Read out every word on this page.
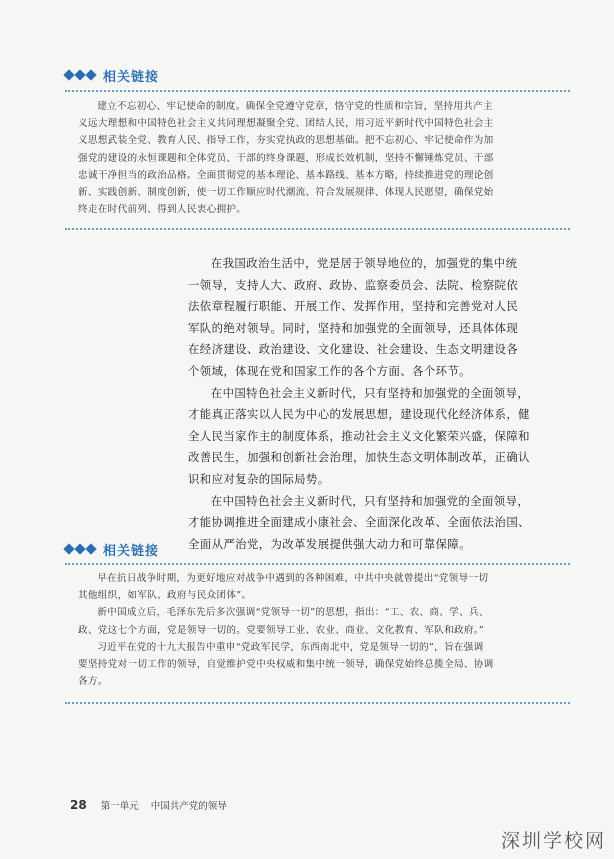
相关链接

建立不忘初心、牢记使命的制度。确保全党遵守党章，恪守党的性质和宗旨，坚持用共产主

义远大理想和中国特色社会主义共同理想凝聚全党、团结人民，用习近平新时代中国特色社会主

义思想武装全党、教育人民、指导工作，夯实党执政的思想基础。把不忘初心、牢记使命作为加

强党的建设的永恒课题和全体党员、干部的终身课题，形成长效机制，坚持不懈锤炼党员、干部

忠诚干净担当的政治品格。全面贯彻党的基本理论、基本路线、基本方略，持续推进党的理论创

新、实践创新、制度创新，使一切工作顺应时代潮流、符合发展规律、体现人民愿望，确保党始

终走在时代前列、得到人民衷心拥护。

在我国政治生活中，党是居于领导地位的，加强党的集中统

一领导，支持人大、政府、政协、监察委员会、法院、检察院依

法依章程履行职能、开展工作、发挥作用，坚持和完善党对人民

军队的绝对领导。同时，坚持和加强党的全面领导，还具体体现

在经济建设、政治建设、文化建设、社会建设、生态文明建设各

个领域，体现在党和国家工作的各个方面、各个环节。

在中国特色社会主义新时代，只有坚持和加强党的全面领导，

才能真正落实以人民为中心的发展思想，建设现代化经济体系，健

全人民当家作主的制度体系，推动社会主义文化繁荣兴盛，保障和

改善民生，加强和创新社会治理，加快生态文明体制改革，正确认

识和应对复杂的国际局势。

在中国特色社会主义新时代，只有坚持和加强党的全面领导，

才能协调推进全面建成小康社会、全面深化改革、全面依法治国、

全面从严治党，为改革发展提供强大动力和可靠保障。

相关链接

早在抗日战争时期，为更好地应对战争中遇到的各种困难，中共中央就曾提出“党领导一切

其他组织，如军队、政府与民众团体”。

新中国成立后，毛泽东先后多次强调“党领导一切”的思想，指出：“工、农、商、学、兵、

政、党这七个方面，党是领导一切的。党要领导工业、农业、商业、文化教育、军队和政府。”

习近平在党的十九大报告中重申“党政军民学，东西南北中，党是领导一切的”，旨在强调

要坚持党对一切工作的领导，自觉维护党中央权威和集中统一领导，确保党始终总揽全局、协调

各方。

28 第一单元 中国共产党的领导
深圳学校网
